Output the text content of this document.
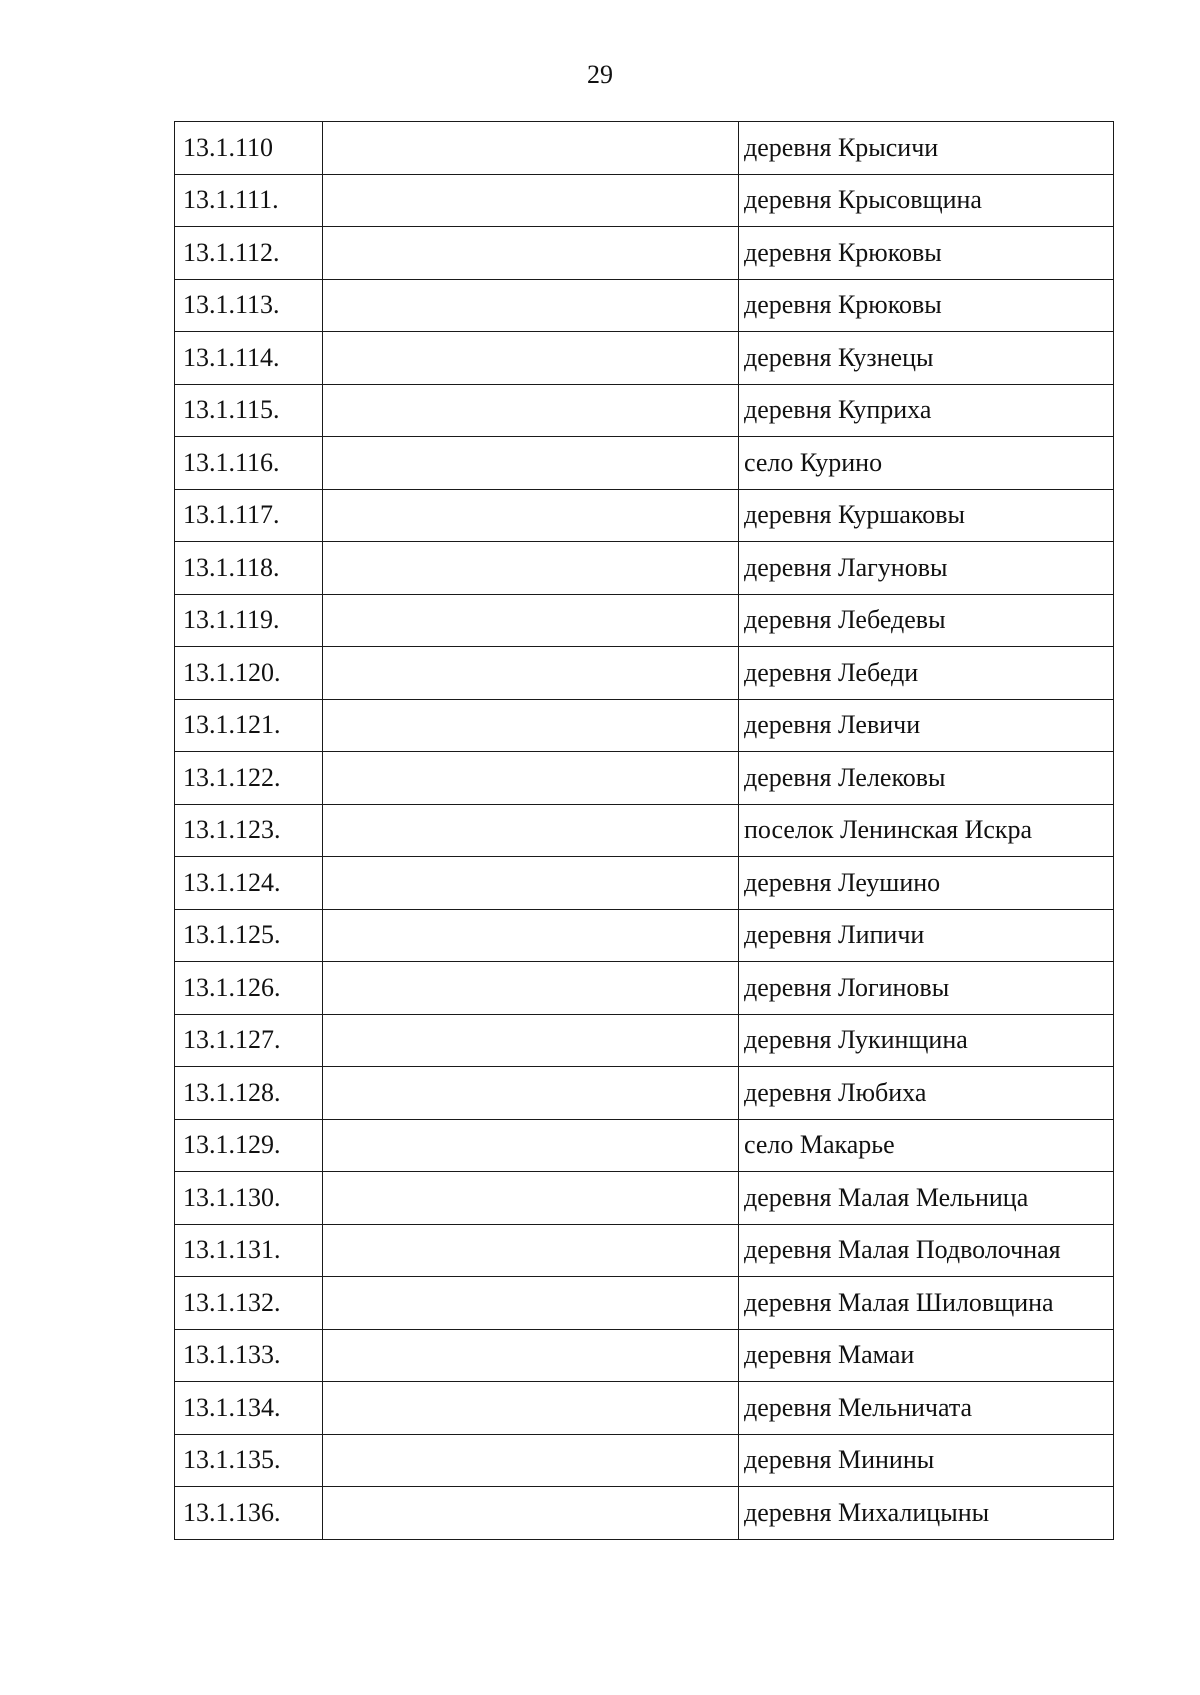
29
13.1.110		деревня Крысичи
13.1.111.		деревня Крысовщина
13.1.112.		деревня Крюковы
13.1.113.		деревня Крюковы
13.1.114.		деревня Кузнецы
13.1.115.		деревня Куприха
13.1.116.		село Курино
13.1.117.		деревня Куршаковы
13.1.118.		деревня Лагуновы
13.1.119.		деревня Лебедевы
13.1.120.		деревня Лебеди
13.1.121.		деревня Левичи
13.1.122.		деревня Лелековы
13.1.123.		поселок Ленинская Искра
13.1.124.		деревня Леушино
13.1.125.		деревня Липичи
13.1.126.		деревня Логиновы
13.1.127.		деревня Лукинщина
13.1.128.		деревня Любиха
13.1.129.		село Макарье
13.1.130.		деревня Малая Мельница
13.1.131.		деревня Малая Подволочная
13.1.132.		деревня Малая Шиловщина
13.1.133.		деревня Мамаи
13.1.134.		деревня Мельничата
13.1.135.		деревня Минины
13.1.136.		деревня Михалицыны
